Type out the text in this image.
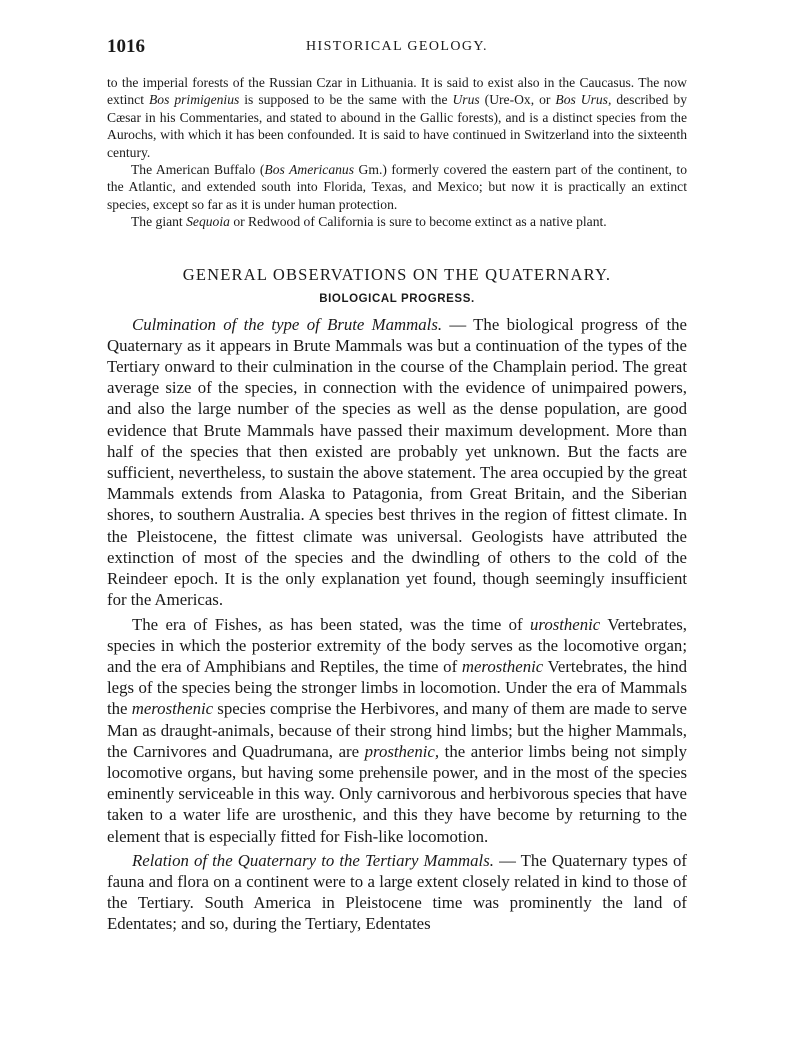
1016	HISTORICAL GEOLOGY.

to the imperial forests of the Russian Czar in Lithuania. It is said to exist also in the Caucasus. The now extinct Bos primigenius is supposed to be the same with the Urus (Ure-Ox, or Bos Urus, described by Cæsar in his Commentaries, and stated to abound in the Gallic forests), and is a distinct species from the Aurochs, with which it has been confounded. It is said to have continued in Switzerland into the sixteenth century.

The American Buffalo (Bos Americanus Gm.) formerly covered the eastern part of the continent, to the Atlantic, and extended south into Florida, Texas, and Mexico; but now it is practically an extinct species, except so far as it is under human protection.

The giant Sequoia or Redwood of California is sure to become extinct as a native plant.

GENERAL OBSERVATIONS ON THE QUATERNARY.
BIOLOGICAL PROGRESS.

Culmination of the type of Brute Mammals. — The biological progress of the Quaternary as it appears in Brute Mammals was but a continuation of the types of the Tertiary onward to their culmination in the course of the Champlain period. The great average size of the species, in connection with the evidence of unimpaired powers, and also the large number of the species as well as the dense population, are good evidence that Brute Mammals have passed their maximum development. More than half of the species that then existed are probably yet unknown. But the facts are sufficient, nevertheless, to sustain the above statement. The area occupied by the great Mammals extends from Alaska to Patagonia, from Great Britain, and the Siberian shores, to southern Australia. A species best thrives in the region of fittest climate. In the Pleistocene, the fittest climate was universal. Geologists have attributed the extinction of most of the species and the dwindling of others to the cold of the Reindeer epoch. It is the only explanation yet found, though seemingly insufficient for the Americas.

The era of Fishes, as has been stated, was the time of urosthenic Vertebrates, species in which the posterior extremity of the body serves as the locomotive organ; and the era of Amphibians and Reptiles, the time of merosthenic Vertebrates, the hind legs of the species being the stronger limbs in locomotion. Under the era of Mammals the merosthenic species comprise the Herbivores, and many of them are made to serve Man as draught-animals, because of their strong hind limbs; but the higher Mammals, the Carnivores and Quadrumana, are prosthenic, the anterior limbs being not simply locomotive organs, but having some prehensile power, and in the most of the species eminently serviceable in this way. Only carnivorous and herbivorous species that have taken to a water life are urosthenic, and this they have become by returning to the element that is especially fitted for Fish-like locomotion.

Relation of the Quaternary to the Tertiary Mammals. — The Quaternary types of fauna and flora on a continent were to a large extent closely related in kind to those of the Tertiary. South America in Pleistocene time was prominently the land of Edentates; and so, during the Tertiary, Edentates
